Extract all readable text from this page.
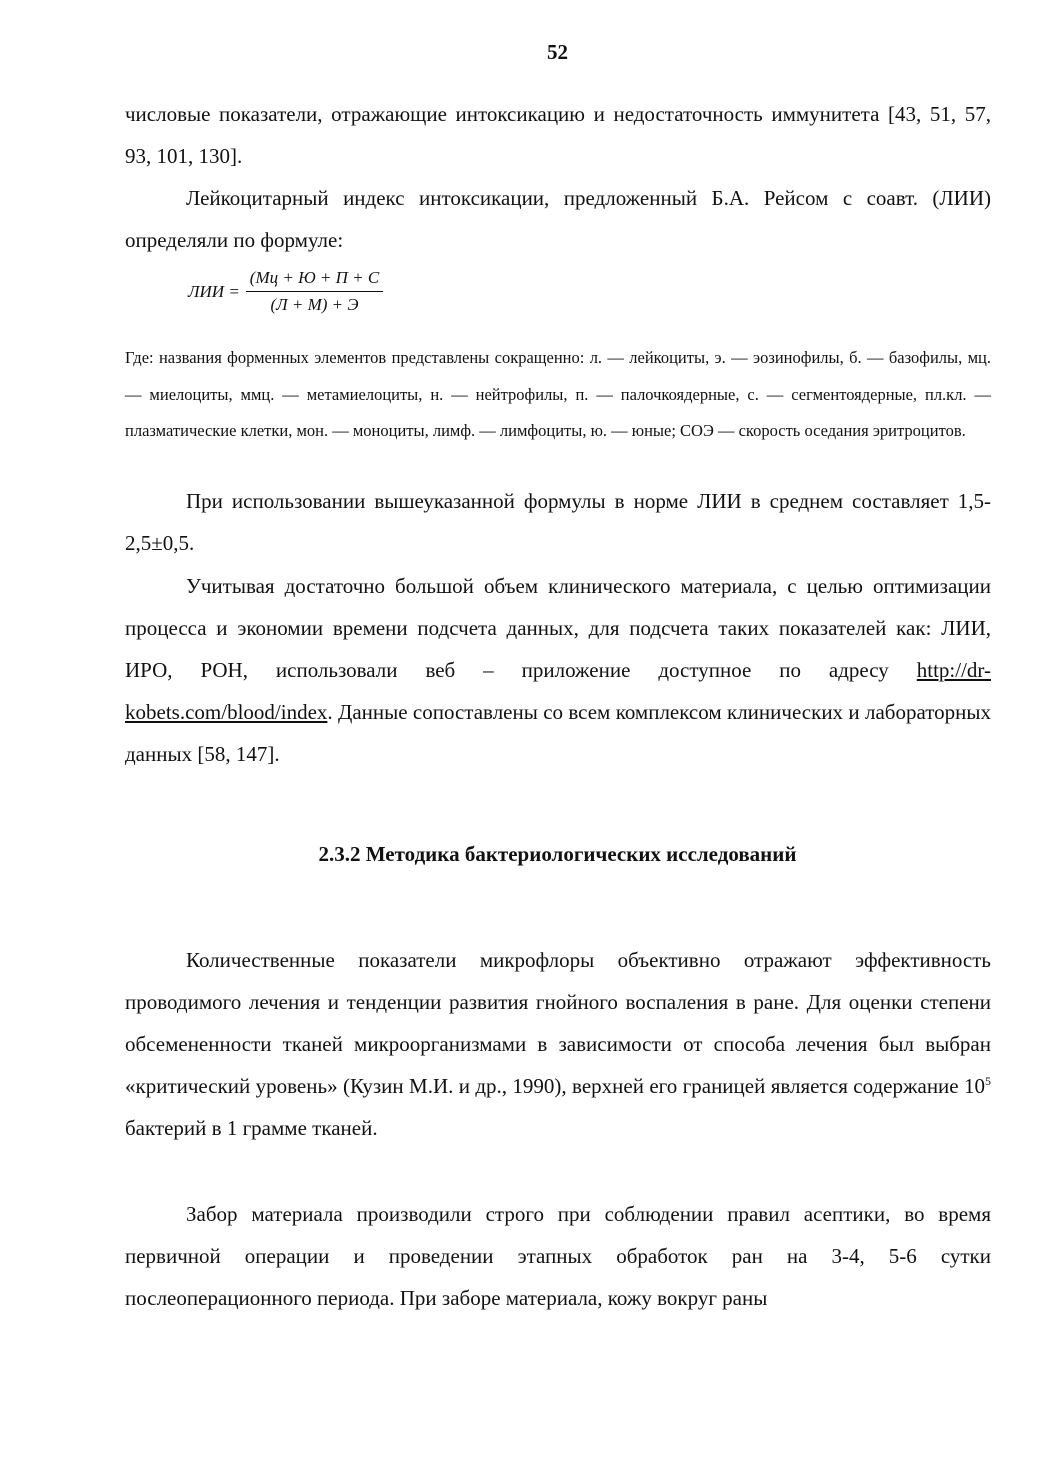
52

числовые показатели, отражающие интоксикацию и недостаточность иммунитета [43, 51, 57, 93, 101, 130].

Лейкоцитарный индекс интоксикации, предложенный Б.А. Рейсом с соавт. (ЛИИ) определяли по формуле:

ЛИИ = $\frac{(Мц + Ю + П + С}{(Л + М) + Э}$

Где: названия форменных элементов представлены сокращенно: л. — лейкоциты, э. — эозинофилы, б. — базофилы, мц. — миелоциты, ммц. — метамиелоциты, н. — нейтрофилы, п. — палочкоядерные, с. — сегментоядерные, пл.кл. — плазматические клетки, мон. — моноциты, лимф. — лимфоциты, ю. — юные; СОЭ — скорость оседания эритроцитов.

При использовании вышеуказанной формулы в норме ЛИИ в среднем составляет 1,5-2,5±0,5.

Учитывая достаточно большой объем клинического материала, с целью оптимизации процесса и экономии времени подсчета данных, для подсчета таких показателей как: ЛИИ, ИРО, РОН, использовали веб – приложение доступное по адресу http://dr-kobets.com/blood/index. Данные сопоставлены со всем комплексом клинических и лабораторных данных [58, 147].

2.3.2 Методика бактериологических исследований

Количественные показатели микрофлоры объективно отражают эффективность проводимого лечения и тенденции развития гнойного воспаления в ране. Для оценки степени обсемененности тканей микроорганизмами в зависимости от способа лечения был выбран «критический уровень» (Кузин М.И. и др., 1990), верхней его границей является содержание $10^5$ бактерий в 1 грамме тканей.

Забор материала производили строго при соблюдении правил асептики, во время первичной операции и проведении этапных обработок ран на 3-4, 5-6 сутки послеоперационного периода. При заборе материала, кожу вокруг раны
